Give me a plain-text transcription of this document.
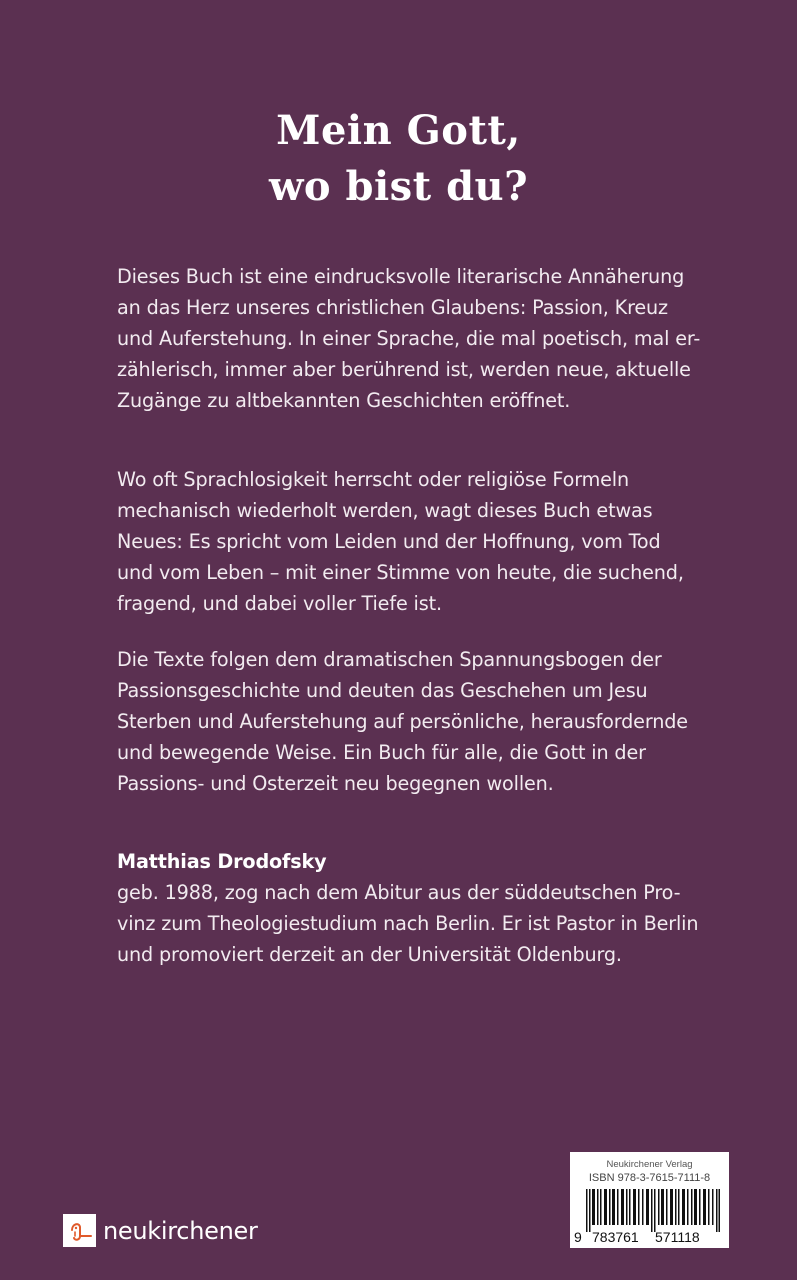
Mein Gott,
wo bist du?
Dieses Buch ist eine eindrucksvolle literarische Annäherung
an das Herz unseres christlichen Glaubens: Passion, Kreuz
und Auferstehung. In einer Sprache, die mal poetisch, mal er-
zählerisch, immer aber berührend ist, werden neue, aktuelle
Zugänge zu altbekannten Geschichten eröffnet.
Wo oft Sprachlosigkeit herrscht oder religiöse Formeln
mechanisch wiederholt werden, wagt dieses Buch etwas
Neues: Es spricht vom Leiden und der Hoffnung, vom Tod
und vom Leben – mit einer Stimme von heute, die suchend,
fragend, und dabei voller Tiefe ist.
Die Texte folgen dem dramatischen Spannungsbogen der
Passionsgeschichte und deuten das Geschehen um Jesu
Sterben und Auferstehung auf persönliche, herausfordernde
und bewegende Weise. Ein Buch für alle, die Gott in der
Passions- und Osterzeit neu begegnen wollen.
Matthias Drodofsky
geb. 1988, zog nach dem Abitur aus der süddeutschen Pro-
vinz zum Theologiestudium nach Berlin. Er ist Pastor in Berlin
und promoviert derzeit an der Universität Oldenburg.
neukirchener
Neukirchener Verlag
ISBN 978-3-7615-7111-8
9 783761	571118
